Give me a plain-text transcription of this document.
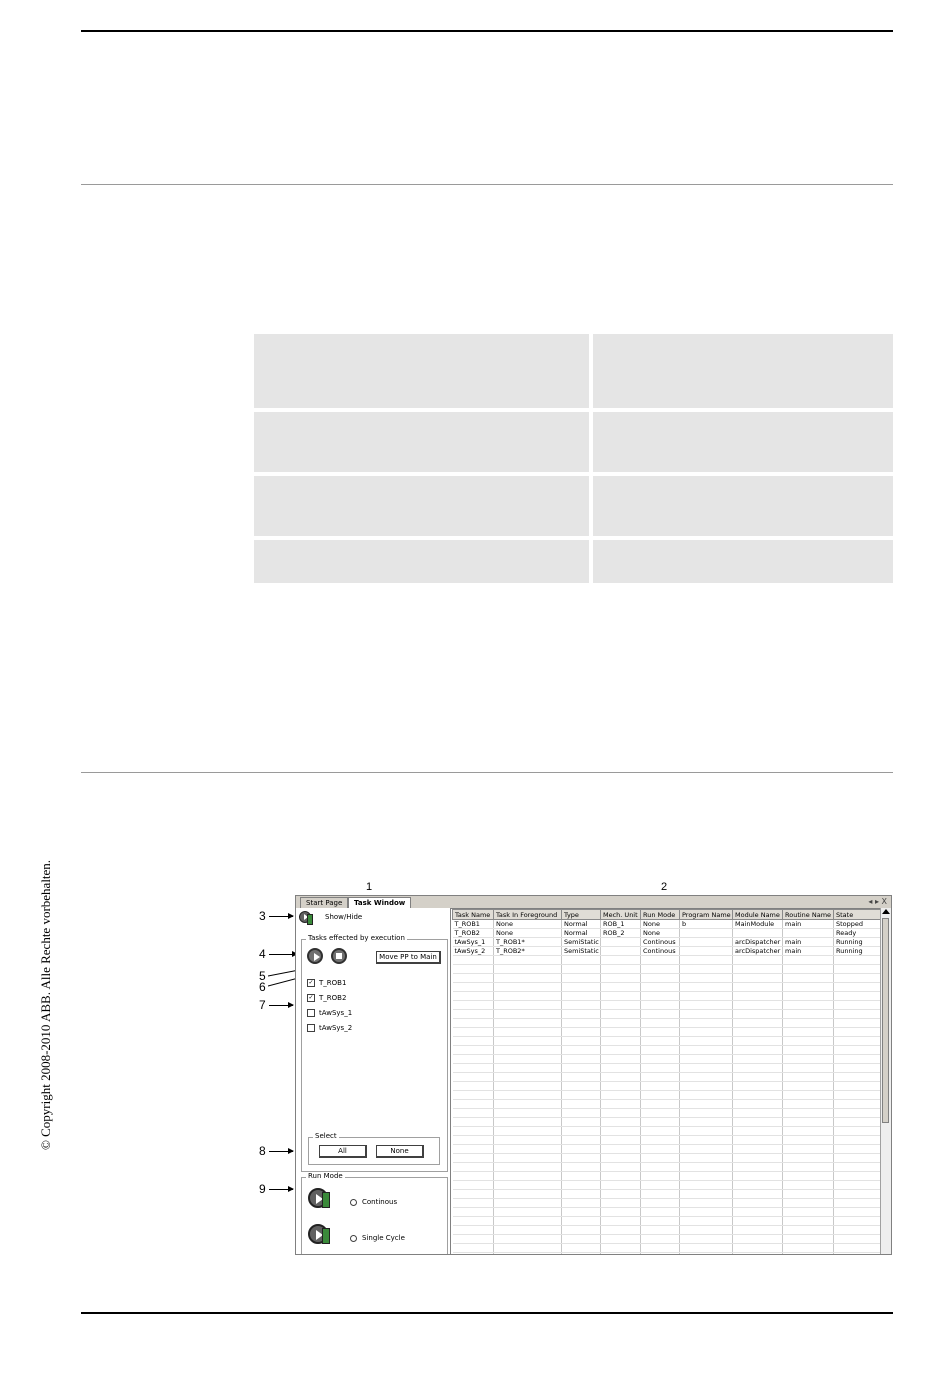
© Copyright 2008-2010 ABB. Alle Rechte vorbehalten.	1	2
3
4
5
6
7
8
9
Start Page	Task Window	◂ ▸ X
Show/Hide
Tasks effected by execution
Move PP to Main
✓ T_ROB1
✓ T_ROB2
tAwSys_1
tAwSys_2
Select
All	None
Run Mode
Continous
Single Cycle
Task Name	Task In Foreground	Type	Mech. Unit	Run Mode	Program Name	Module Name	Routine Name	State
T_ROB1	None	Normal	ROB_1	None	b	MainModule	main	Stopped
T_ROB2	None	Normal	ROB_2	None				Ready
tAwSys_1	T_ROB1*	SemiStatic		Continous		arcDispatcher	main	Running
tAwSys_2	T_ROB2*	SemiStatic		Continous		arcDispatcher	main	Running
